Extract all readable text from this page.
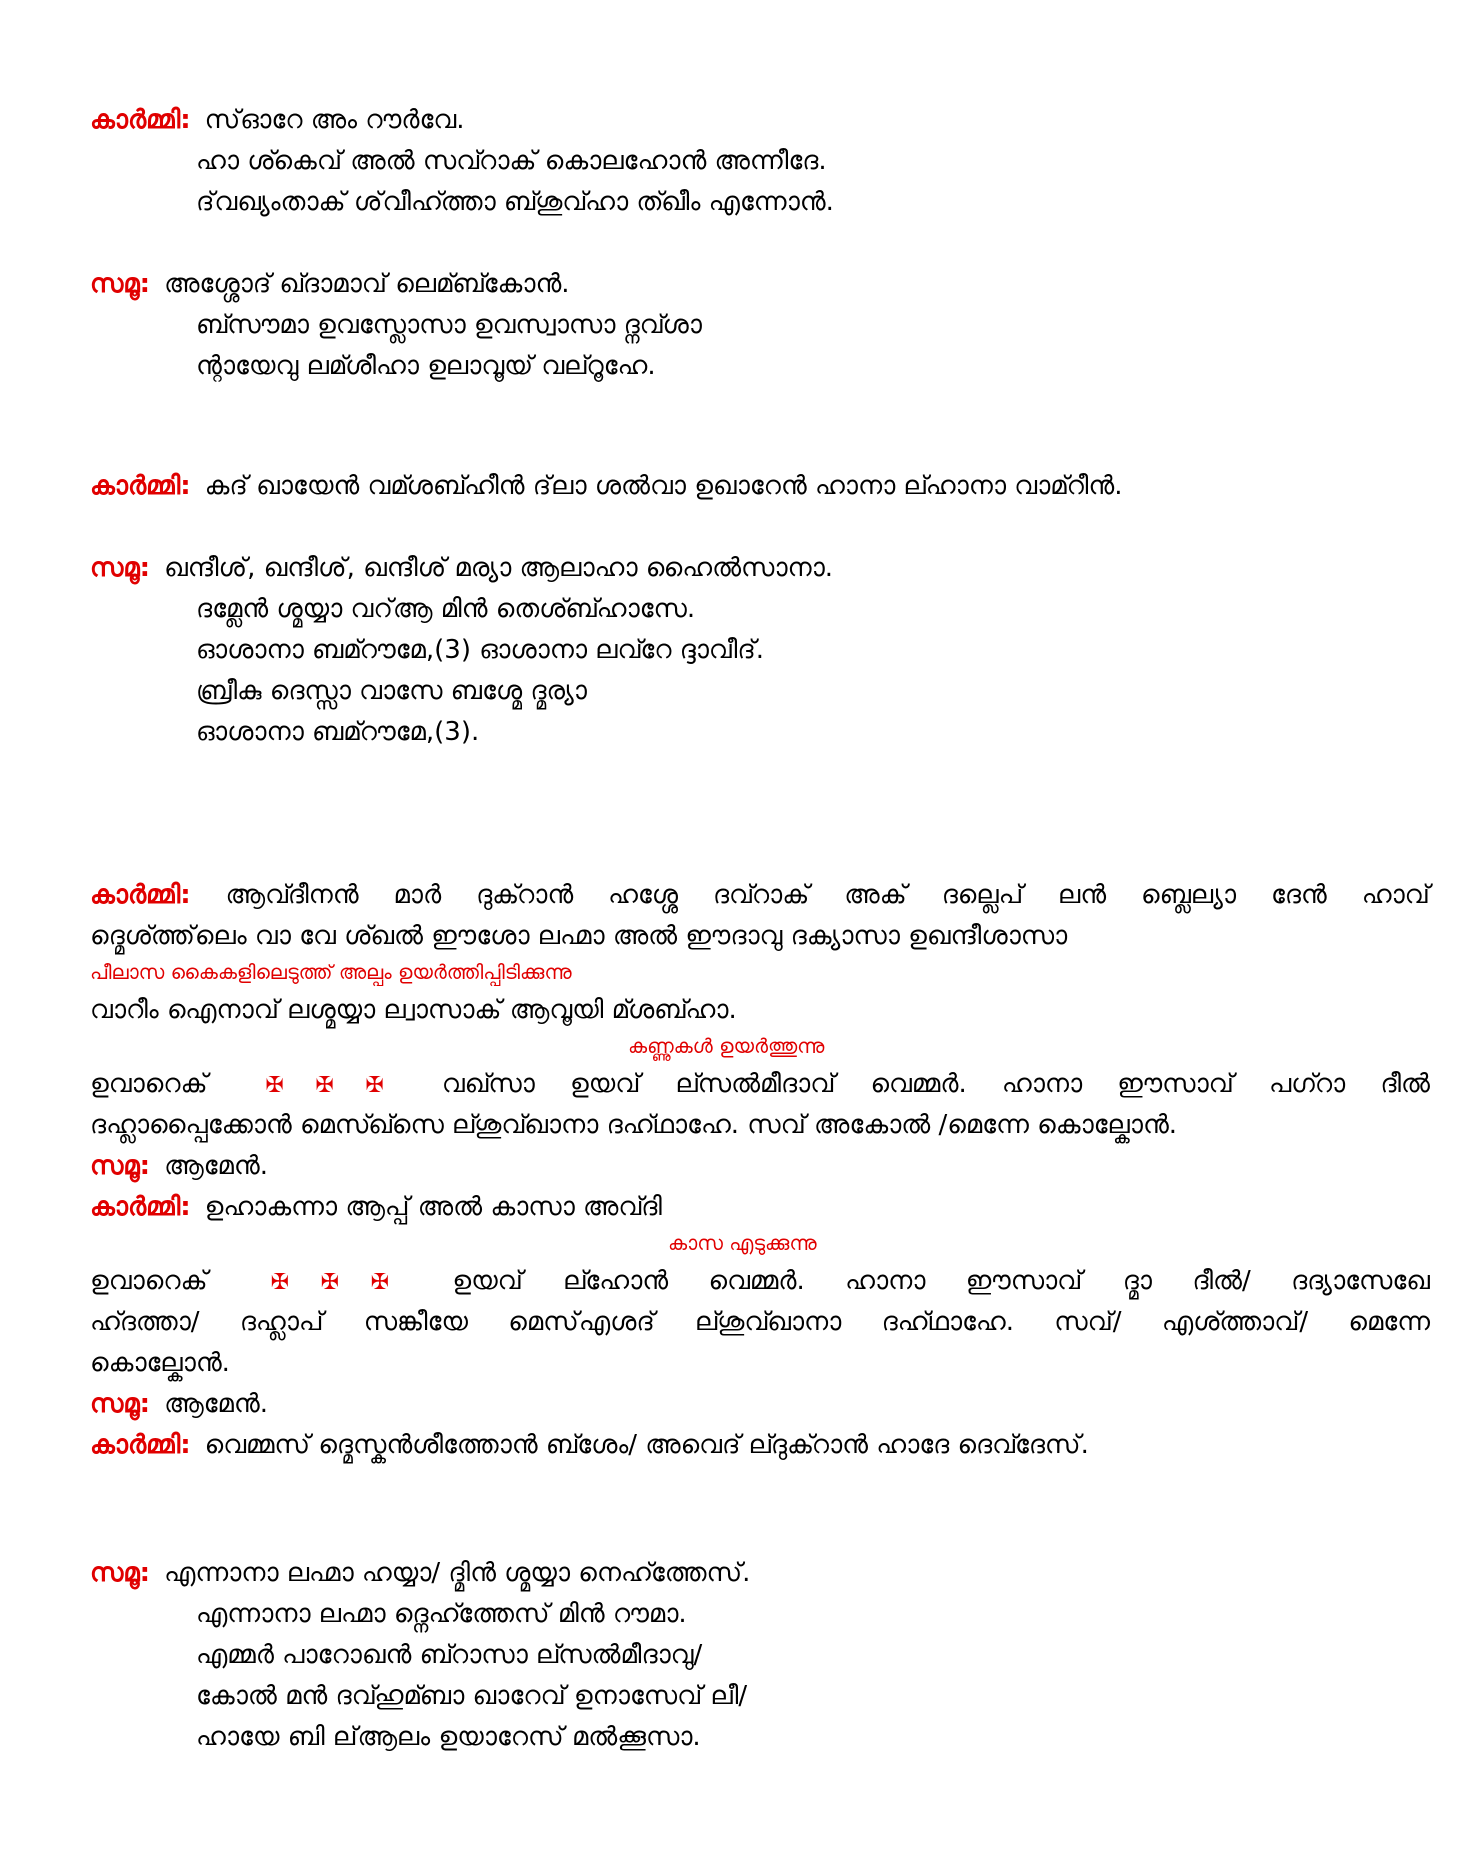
കാർമ്മി: സ്ഓറേ അം റൗർവേ.
ഹാ ശ്കെവ് അൽ സവ്റാക് കൊലഹോൻ അന്നീദേ.
ദ്‌വഖ്യംതാക് ശ്‌വീഹ്ത്താ ബ്ശുവ്ഹാ ത്ഖീം എന്നോൻ.
സമൂ: അശ്ശോദ് ഖ്ദാമാവ് ലെമ്ബ്കോൻ.
ബ്സൗമാ ഉവസ്ലോസാ ഉവസ്വാസാ ദ്നവ്ശാ
ന്റായേവു ലമ്ശീഹാ ഉലാവൂയ് വല്റൂഹേ.
കാർമ്മി: കദ് ഖായേൻ വമ്ശബ്ഹീൻ ദ്‌ലാ ശൽവാ ഉഖാറേൻ ഹാനാ ല്ഹാനാ വാമ്റീൻ.
സമൂ: ഖന്ദീശ്, ഖന്ദീശ്, ഖന്ദീശ് മര്യാ ആലാഹാ ഹൈൽസാനാ.
ദമ്ലേൻ ശ്മയ്യാ വറ്ആ മിൻ തെശ്ബ്ഹാസേ.
ഓശാനാ ബമ്റൗമേ,(3) ഓശാനാ ലവ്റേ ദ്ദാവീദ്.
ബ്രീകു ദെസ്സാ വാസേ ബശ്മേ ദ്മര്യാ
ഓശാനാ ബമ്റൗമേ,(3).
കാർമ്മി: ആവ്ദീനൻ മാർ ദുക്റാൻ ഹശ്ശേ ദവ്റാക് അക് ദല്ലെപ് ലൻ ബ്ലെല്യാ ദേൻ ഹാവ്
ദ്മെശ്ത്ത്‌ലെം വാ വേ ശ്ഖൽ ഈശോ ലഹ്മാ അൽ ഈദാവു ദക്യാസാ ഉഖന്ദീശാസാ
പീലാസ കൈകളിലെടുത്ത് അല്പം ഉയർത്തിപ്പിടിക്കുന്നു
വാറീം ഐനാവ് ലശ്മയ്യാ ല്വാസാക് ആവൂയി മ്ശബ്ഹാ.
കണ്ണുകൾ ഉയർത്തുന്നു
ഉവാറെക്	✠ ✠ ✠ വഖ്സാ ഉയവ് ല്സൽമീദാവ് വെമ്മർ. ഹാനാ ഈസാവ് പഗ്റാ ദീൽ
ദഹ്ലാപ്പൈക്കോൻ മെസ്ഖ്സെ ല്ശുവ്ഖാനാ ദഹ്ഥാഹേ. സവ് അകോൽ /മെന്നേ കൊല്കോൻ.
സമൂ: ആമേൻ.
കാർമ്മി: ഉഹാകന്നാ ആപ്പ് അൽ കാസാ അവ്ദി
കാസ എടുക്കുന്നു
ഉവാറെക്	✠ ✠ ✠ ഉയവ് ല്ഹോൻ വെമ്മർ. ഹാനാ ഈസാവ് ദ്മാ ദീൽ/ ദദ്യാസേഖേ
ഹ്ദത്താ/ ദഹ്ലാപ് സങ്കീയേ മെസ്എശദ് ല്ശുവ്ഖാനാ ദഹ്ഥാഹേ. സവ്/ എശ്ത്താവ്/ മെന്നേ
കൊല്കോൻ.
സമൂ: ആമേൻ.
കാർമ്മി: വെമ്മസ് ദ്മെസ്കൻശീത്തോൻ ബ്ശേം/ അവെദ് ല്ദുക്റാൻ ഹാദേ ദെവ്ദേസ്.
സമൂ: എന്നാനാ ലഹ്മാ ഹയ്യാ/ ദ്മിൻ ശ്മയ്യാ നെഹ്ത്തേസ്.
എന്നാനാ ലഹ്മാ ദ്നെഹ്ത്തേസ് മിൻ റൗമാ.
എമ്മർ പാറോഖൻ ബ്റാസാ ല്സൽമീദാവു/
കോൽ മൻ ദവ്ഹുമ്ബാ ഖാറേവ് ഉനാസേവ് ലീ/
ഹായേ ബി ല്ആലം ഉയാറേസ് മൽക്കൂസാ.
